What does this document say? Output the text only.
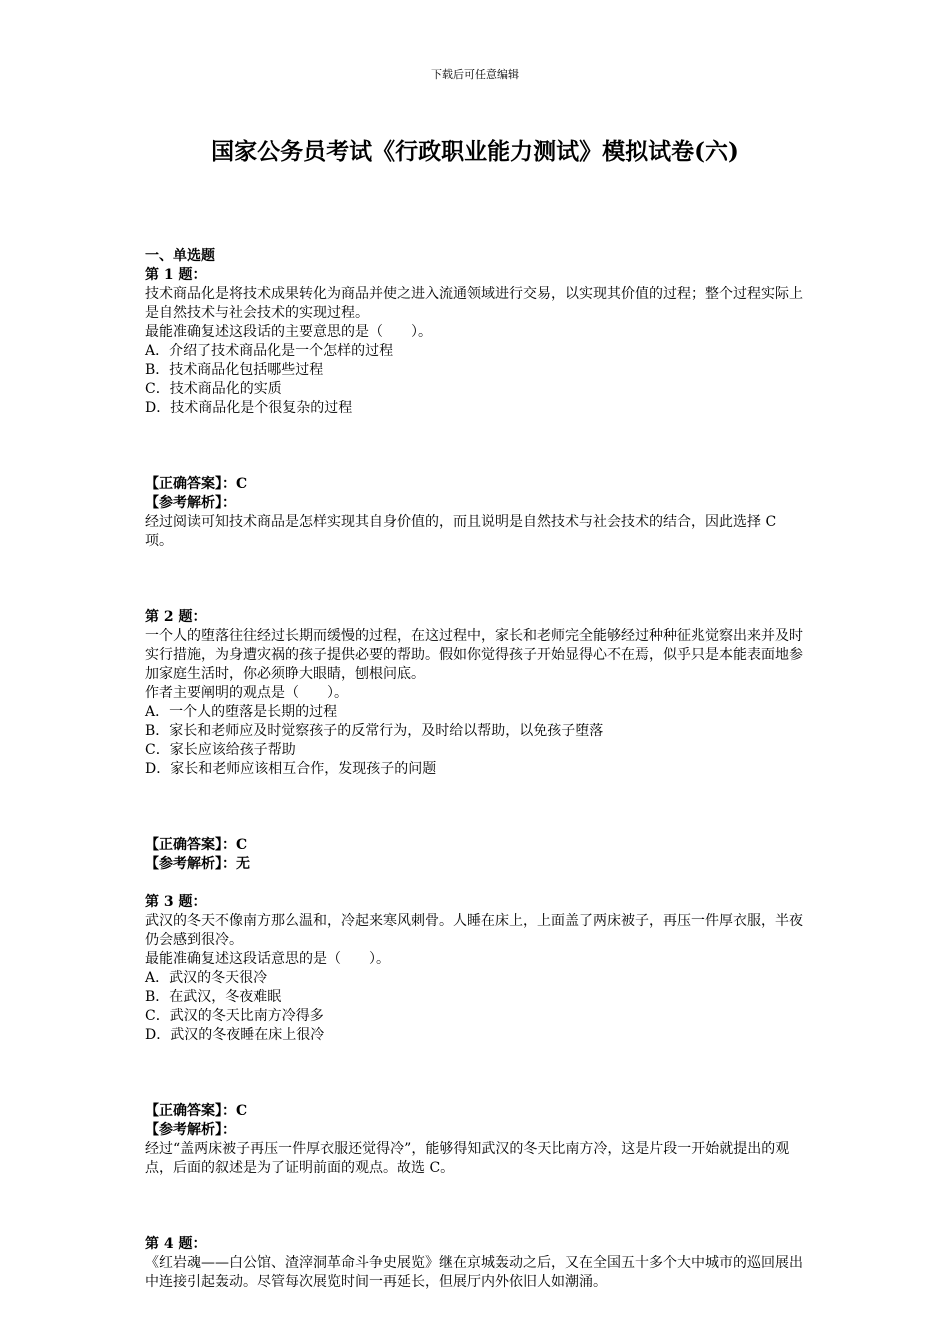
下载后可任意编辑
国家公务员考试《行政职业能力测试》模拟试卷(六)
一、单选题
第 1 题：

技术商品化是将技术成果转化为商品并使之进入流通领域进行交易，以实现其价值的过程；整个过程实际上是自然技术与社会技术的实现过程。

最能准确复述这段话的主要意思的是（　　）。

A．介绍了技术商品化是一个怎样的过程
B．技术商品化包括哪些过程
C．技术商品化的实质
D．技术商品化是个很复杂的过程
【正确答案】：C
【参考解析】：

经过阅读可知技术商品是怎样实现其自身价值的，而且说明是自然技术与社会技术的结合，因此选择 C 项。

第 2 题：

一个人的堕落往往经过长期而缓慢的过程，在这过程中，家长和老师完全能够经过种种征兆觉察出来并及时实行措施，为身遭灾祸的孩子提供必要的帮助。假如你觉得孩子开始显得心不在焉，似乎只是本能表面地参加家庭生活时，你必须睁大眼睛，刨根问底。

作者主要阐明的观点是（　　）。

A．一个人的堕落是长期的过程
B．家长和老师应及时觉察孩子的反常行为，及时给以帮助，以免孩子堕落
C．家长应该给孩子帮助
D．家长和老师应该相互合作，发现孩子的问题
【正确答案】：C
【参考解析】：无
第 3 题：

武汉的冬天不像南方那么温和，冷起来寒风刺骨。人睡在床上，上面盖了两床被子，再压一件厚衣服，半夜仍会感到很冷。

最能准确复述这段话意思的是（　　）。

A．武汉的冬天很冷
B．在武汉，冬夜难眠
C．武汉的冬天比南方冷得多
D．武汉的冬夜睡在床上很冷
【正确答案】：C
【参考解析】：

经过“盖两床被子再压一件厚衣服还觉得冷”，能够得知武汉的冬天比南方冷，这是片段一开始就提出的观点，后面的叙述是为了证明前面的观点。故选 C。

第 4 题：

《红岩魂——白公馆、渣滓洞革命斗争史展览》继在京城轰动之后，又在全国五十多个大中城市的巡回展出中连接引起轰动。尽管每次展览时间一再延长，但展厅内外依旧人如潮涌。
